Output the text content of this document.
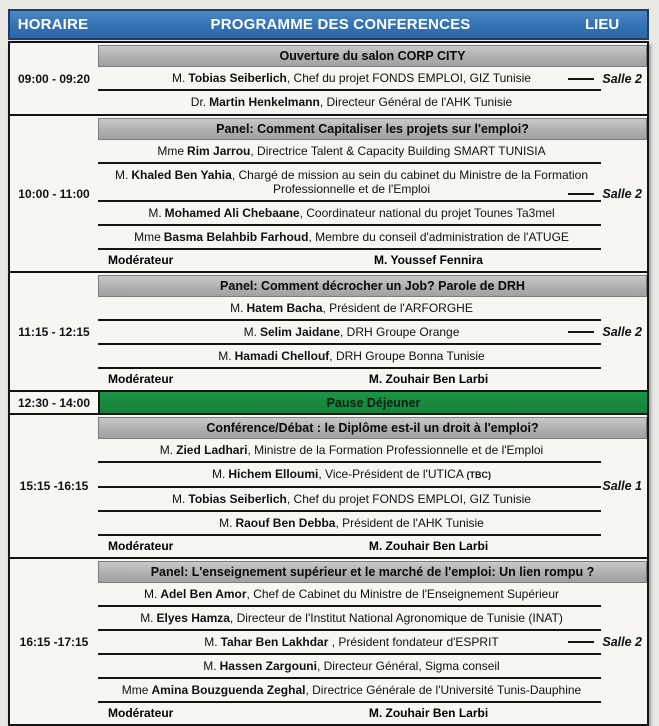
HORAIRE	PROGRAMME DES CONFERENCES	LIEU
09:00 - 09:20
Ouverture du salon CORP CITY
M. Tobias Seiberlich, Chef du projet FONDS EMPLOI, GIZ Tunisie
Dr. Martin Henkelmann, Directeur Général de l'AHK Tunisie
Salle 2
10:00 - 11:00
Panel: Comment Capitaliser les projets sur l'emploi?
Mme Rim Jarrou, Directrice Talent & Capacity Building SMART TUNISIA
M. Khaled Ben Yahia, Chargé de mission au sein du cabinet du Ministre de la Formation Professionnelle et de l'Emploi
M. Mohamed Ali Chebaane, Coordinateur national du projet Tounes Ta3mel
Mme Basma Belahbib Farhoud, Membre du conseil d'administration de l'ATUGE
Modérateur	M. Youssef Fennira
Salle 2
11:15 - 12:15
Panel: Comment décrocher un Job? Parole de DRH
M. Hatem Bacha, Président de l'ARFORGHE
M. Selim Jaidane, DRH Groupe Orange
M. Hamadi Chellouf, DRH Groupe Bonna Tunisie
Modérateur	M. Zouhair Ben Larbi
Salle 2
12:30 - 14:00	Pause Déjeuner
15:15 -16:15
Conférence/Débat : le Diplôme est-il un droit à l'emploi?
M. Zied Ladhari, Ministre de la Formation Professionnelle et de l'Emploi
M. Hichem Elloumi, Vice-Président de l'UTICA (TBC)
M. Tobias Seiberlich, Chef du projet FONDS EMPLOI, GIZ Tunisie
M. Raouf Ben Debba, Président de l'AHK Tunisie
Modérateur	M. Zouhair Ben Larbi
Salle 1
16:15 -17:15
Panel: L'enseignement supérieur et le marché de l'emploi: Un lien rompu ?
M. Adel Ben Amor, Chef de Cabinet du Ministre de l'Enseignement Supérieur
M. Elyes Hamza, Directeur de l'Institut National Agronomique de Tunisie (INAT)
M. Tahar Ben Lakhdar , Président fondateur d'ESPRIT
M. Hassen Zargouni, Directeur Général, Sigma conseil
Mme Amina Bouzguenda Zeghal, Directrice Générale de l'Université Tunis-Dauphine
Modérateur	M. Zouhair Ben Larbi
Salle 2
